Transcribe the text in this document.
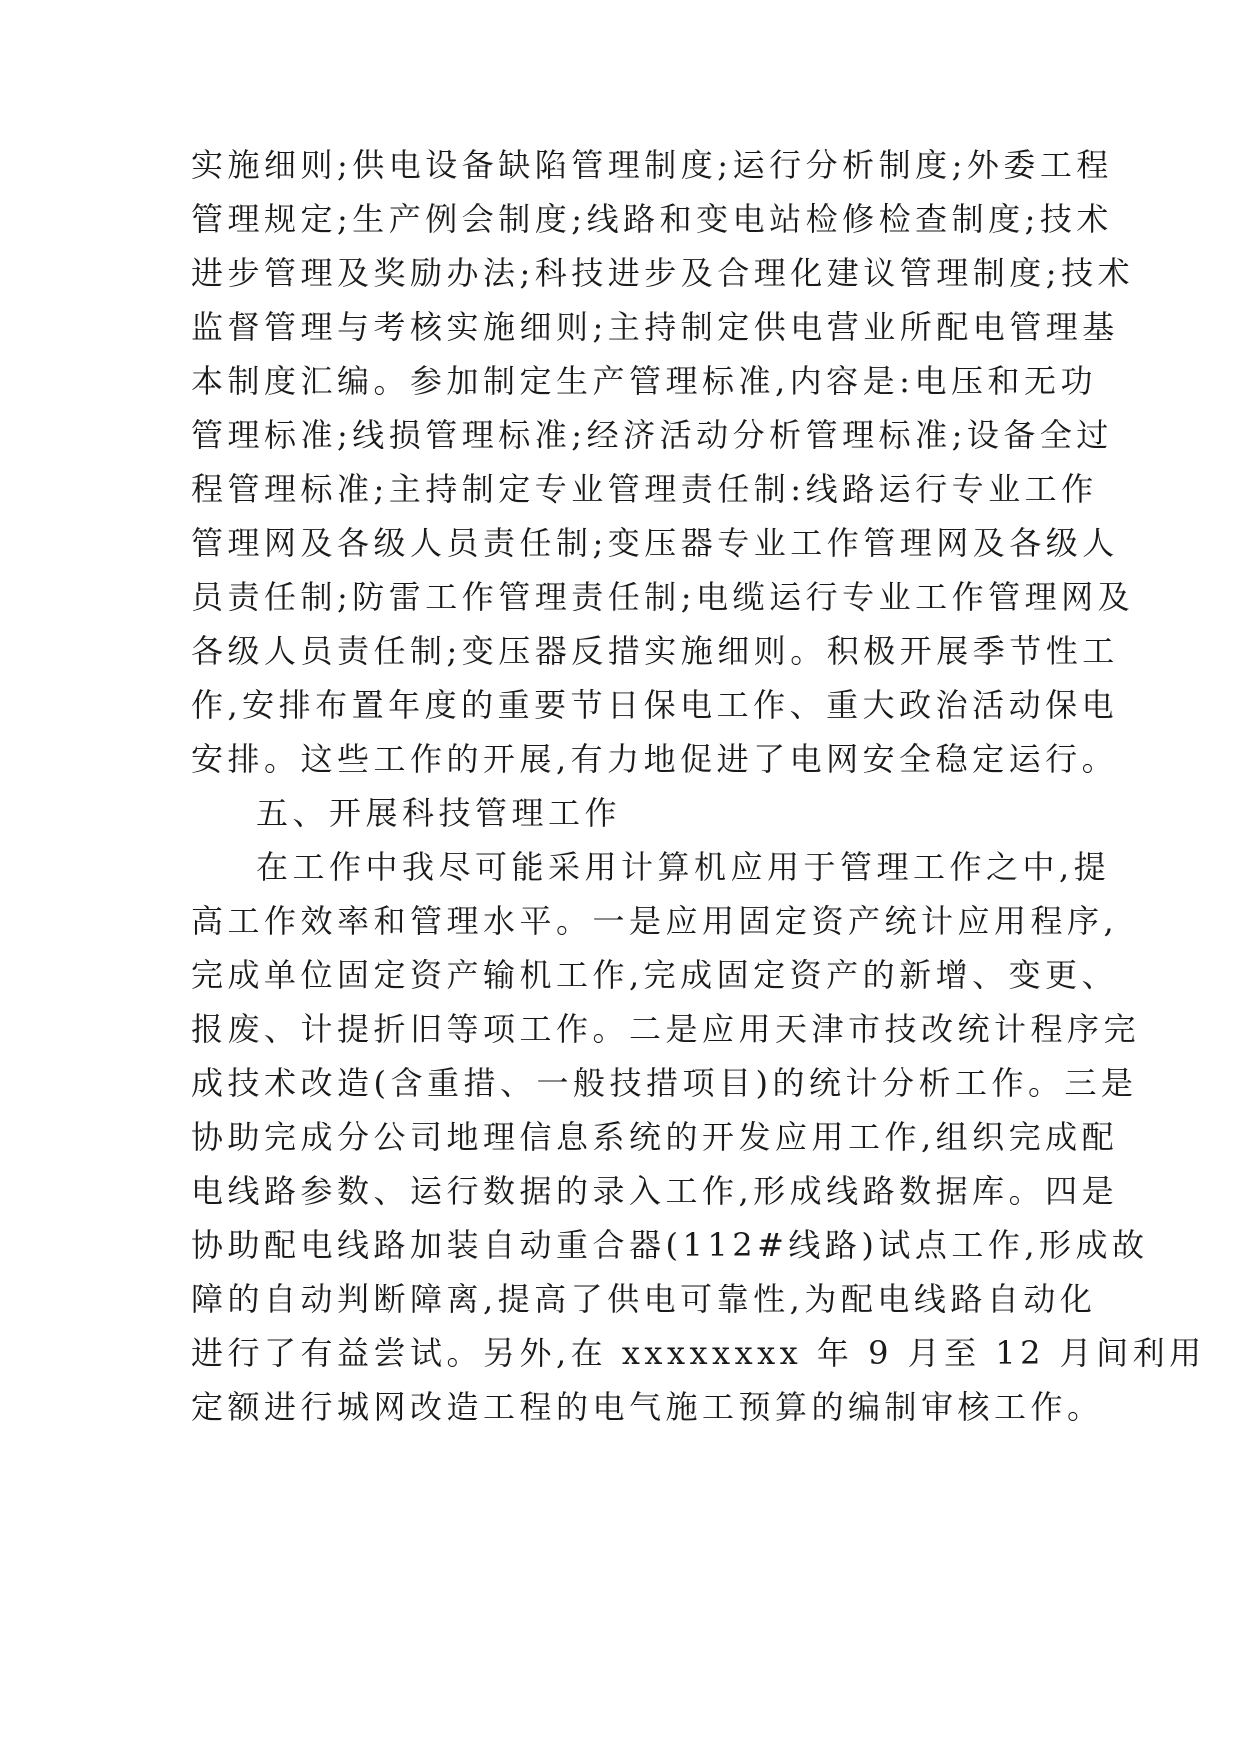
实施细则;供电设备缺陷管理制度;运行分析制度;外委工程
管理规定;生产例会制度;线路和变电站检修检查制度;技术
进步管理及奖励办法;科技进步及合理化建议管理制度;技术
监督管理与考核实施细则;主持制定供电营业所配电管理基
本制度汇编。参加制定生产管理标准,内容是:电压和无功
管理标准;线损管理标准;经济活动分析管理标准;设备全过
程管理标准;主持制定专业管理责任制:线路运行专业工作
管理网及各级人员责任制;变压器专业工作管理网及各级人
员责任制;防雷工作管理责任制;电缆运行专业工作管理网及
各级人员责任制;变压器反措实施细则。积极开展季节性工
作,安排布置年度的重要节日保电工作、重大政治活动保电
安排。这些工作的开展,有力地促进了电网安全稳定运行。
五、开展科技管理工作
在工作中我尽可能采用计算机应用于管理工作之中,提
高工作效率和管理水平。一是应用固定资产统计应用程序,
完成单位固定资产输机工作,完成固定资产的新增、变更、
报废、计提折旧等项工作。二是应用天津市技改统计程序完
成技术改造(含重措、一般技措项目)的统计分析工作。三是
协助完成分公司地理信息系统的开发应用工作,组织完成配
电线路参数、运行数据的录入工作,形成线路数据库。四是
协助配电线路加装自动重合器(112#线路)试点工作,形成故
障的自动判断障离,提高了供电可靠性,为配电线路自动化
进行了有益尝试。另外,在 xxxxxxxx 年 9 月至 12 月间利用
定额进行城网改造工程的电气施工预算的编制审核工作。
